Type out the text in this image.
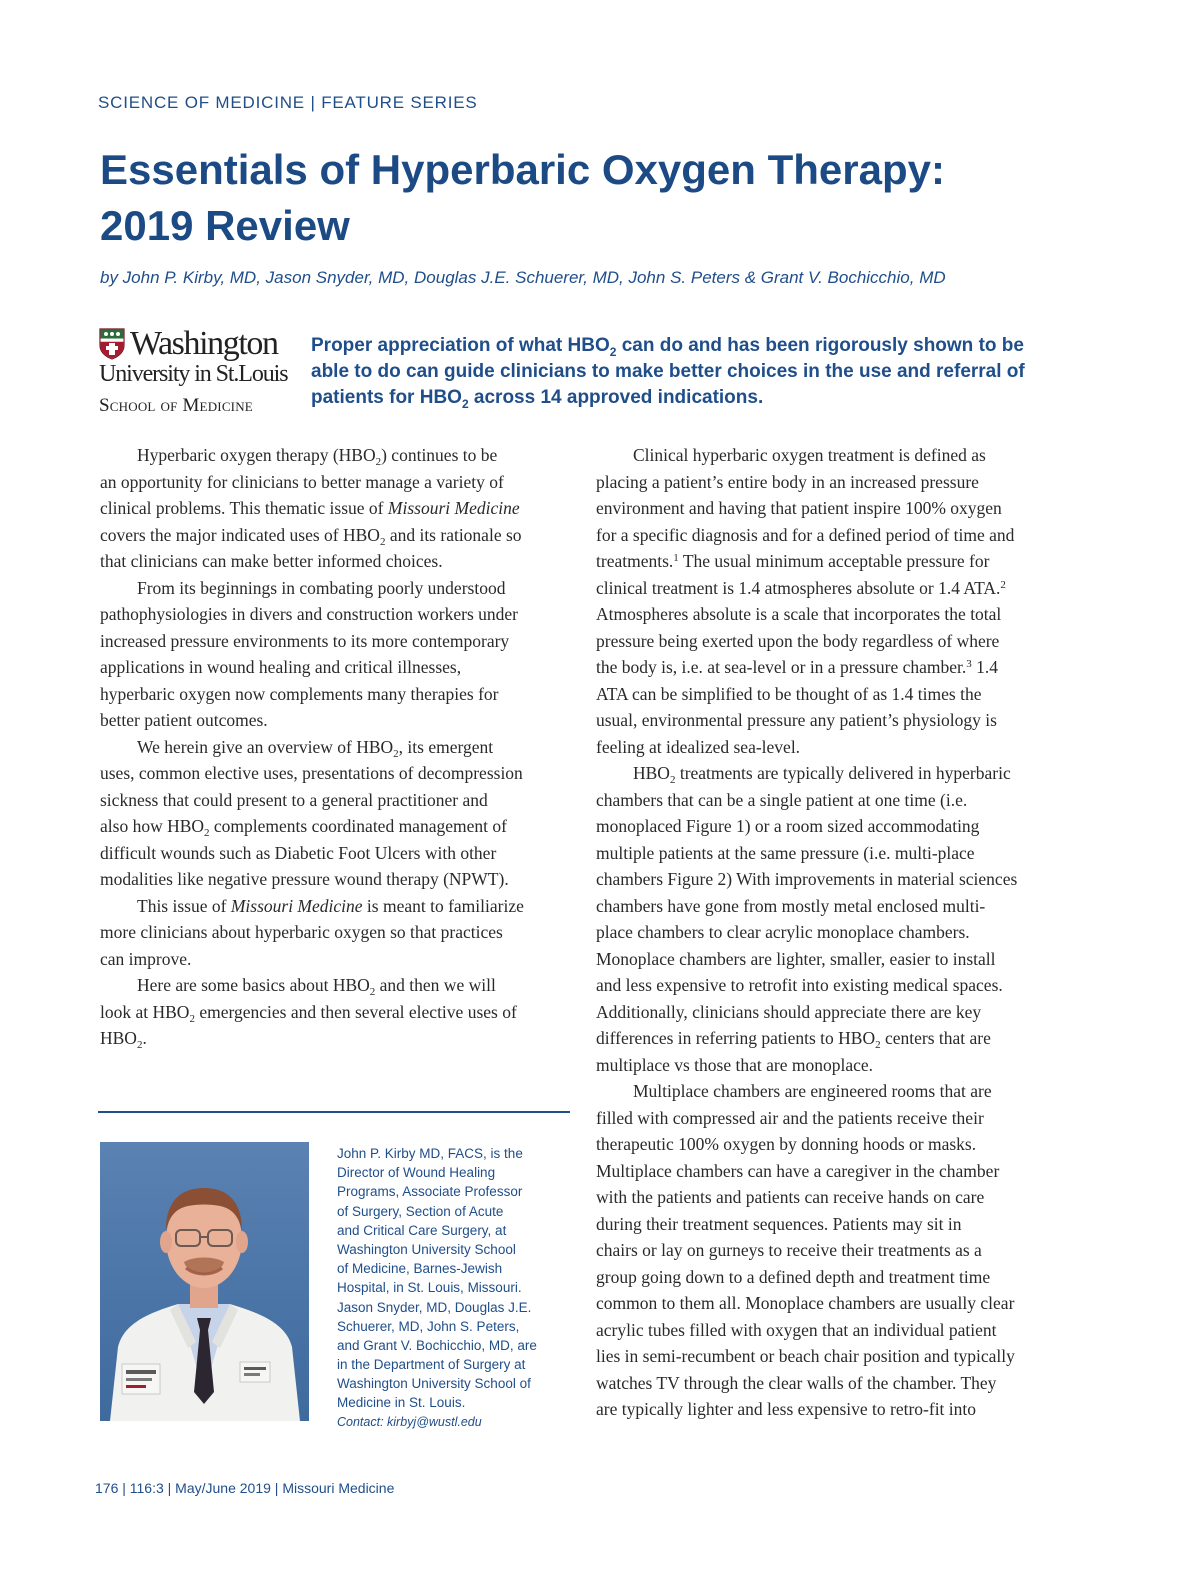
SCIENCE OF MEDICINE | FEATURE SERIES
Essentials of Hyperbaric Oxygen Therapy:
2019 Review
by John P. Kirby, MD, Jason Snyder, MD, Douglas J.E. Schuerer, MD, John S. Peters & Grant V. Bochicchio, MD
Washington
University in St.Louis
School of Medicine
Proper appreciation of what $HBO_2$ can do and has been rigorously shown to be
able to do can guide clinicians to make better choices in the use and referral of
patients for $HBO_2$ across 14 approved indications.
Hyperbaric oxygen therapy $(HBO_2)$ continues to be
an opportunity for clinicians to better manage a variety of
clinical problems. This thematic issue of Missouri Medicine
covers the major indicated uses of $HBO_2$ and its rationale so
that clinicians can make better informed choices.
From its beginnings in combating poorly understood
pathophysiologies in divers and construction workers under
increased pressure environments to its more contemporary
applications in wound healing and critical illnesses,
hyperbaric oxygen now complements many therapies for
better patient outcomes.
We herein give an overview of $HBO_2$, its emergent
uses, common elective uses, presentations of decompression
sickness that could present to a general practitioner and
also how $HBO_2$ complements coordinated management of
difficult wounds such as Diabetic Foot Ulcers with other
modalities like negative pressure wound therapy (NPWT).
This issue of Missouri Medicine is meant to familiarize
more clinicians about hyperbaric oxygen so that practices
can improve.
Here are some basics about $HBO_2$ and then we will
look at $HBO_2$ emergencies and then several elective uses of
$HBO_2$.
Clinical hyperbaric oxygen treatment is defined as
placing a patient’s entire body in an increased pressure
environment and having that patient inspire 100% oxygen
for a specific diagnosis and for a defined period of time and
treatments.$^1$ The usual minimum acceptable pressure for
clinical treatment is 1.4 atmospheres absolute or 1.4 ATA.$^2$
Atmospheres absolute is a scale that incorporates the total
pressure being exerted upon the body regardless of where
the body is, i.e. at sea-level or in a pressure chamber.$^3$ 1.4
ATA can be simplified to be thought of as 1.4 times the
usual, environmental pressure any patient’s physiology is
feeling at idealized sea-level.
$HBO_2$ treatments are typically delivered in hyperbaric
chambers that can be a single patient at one time (i.e.
monoplaced Figure 1) or a room sized accommodating
multiple patients at the same pressure (i.e. multi-place
chambers Figure 2) With improvements in material sciences
chambers have gone from mostly metal enclosed multi-
place chambers to clear acrylic monoplace chambers.
Monoplace chambers are lighter, smaller, easier to install
and less expensive to retrofit into existing medical spaces.
Additionally, clinicians should appreciate there are key
differences in referring patients to $HBO_2$ centers that are
multiplace vs those that are monoplace.
Multiplace chambers are engineered rooms that are
filled with compressed air and the patients receive their
therapeutic 100% oxygen by donning hoods or masks.
Multiplace chambers can have a caregiver in the chamber
with the patients and patients can receive hands on care
during their treatment sequences. Patients may sit in
chairs or lay on gurneys to receive their treatments as a
group going down to a defined depth and treatment time
common to them all. Monoplace chambers are usually clear
acrylic tubes filled with oxygen that an individual patient
lies in semi-recumbent or beach chair position and typically
watches TV through the clear walls of the chamber. They
are typically lighter and less expensive to retro-fit into
John P. Kirby MD, FACS, is the
Director of Wound Healing
Programs, Associate Professor
of Surgery, Section of Acute
and Critical Care Surgery, at
Washington University School
of Medicine, Barnes-Jewish
Hospital, in St. Louis, Missouri.
Jason Snyder, MD, Douglas J.E.
Schuerer, MD, John S. Peters,
and Grant V. Bochicchio, MD, are
in the Department of Surgery at
Washington University School of
Medicine in St. Louis.
Contact: kirbyj@wustl.edu
176 | 116:3 | May/June 2019 | Missouri Medicine
